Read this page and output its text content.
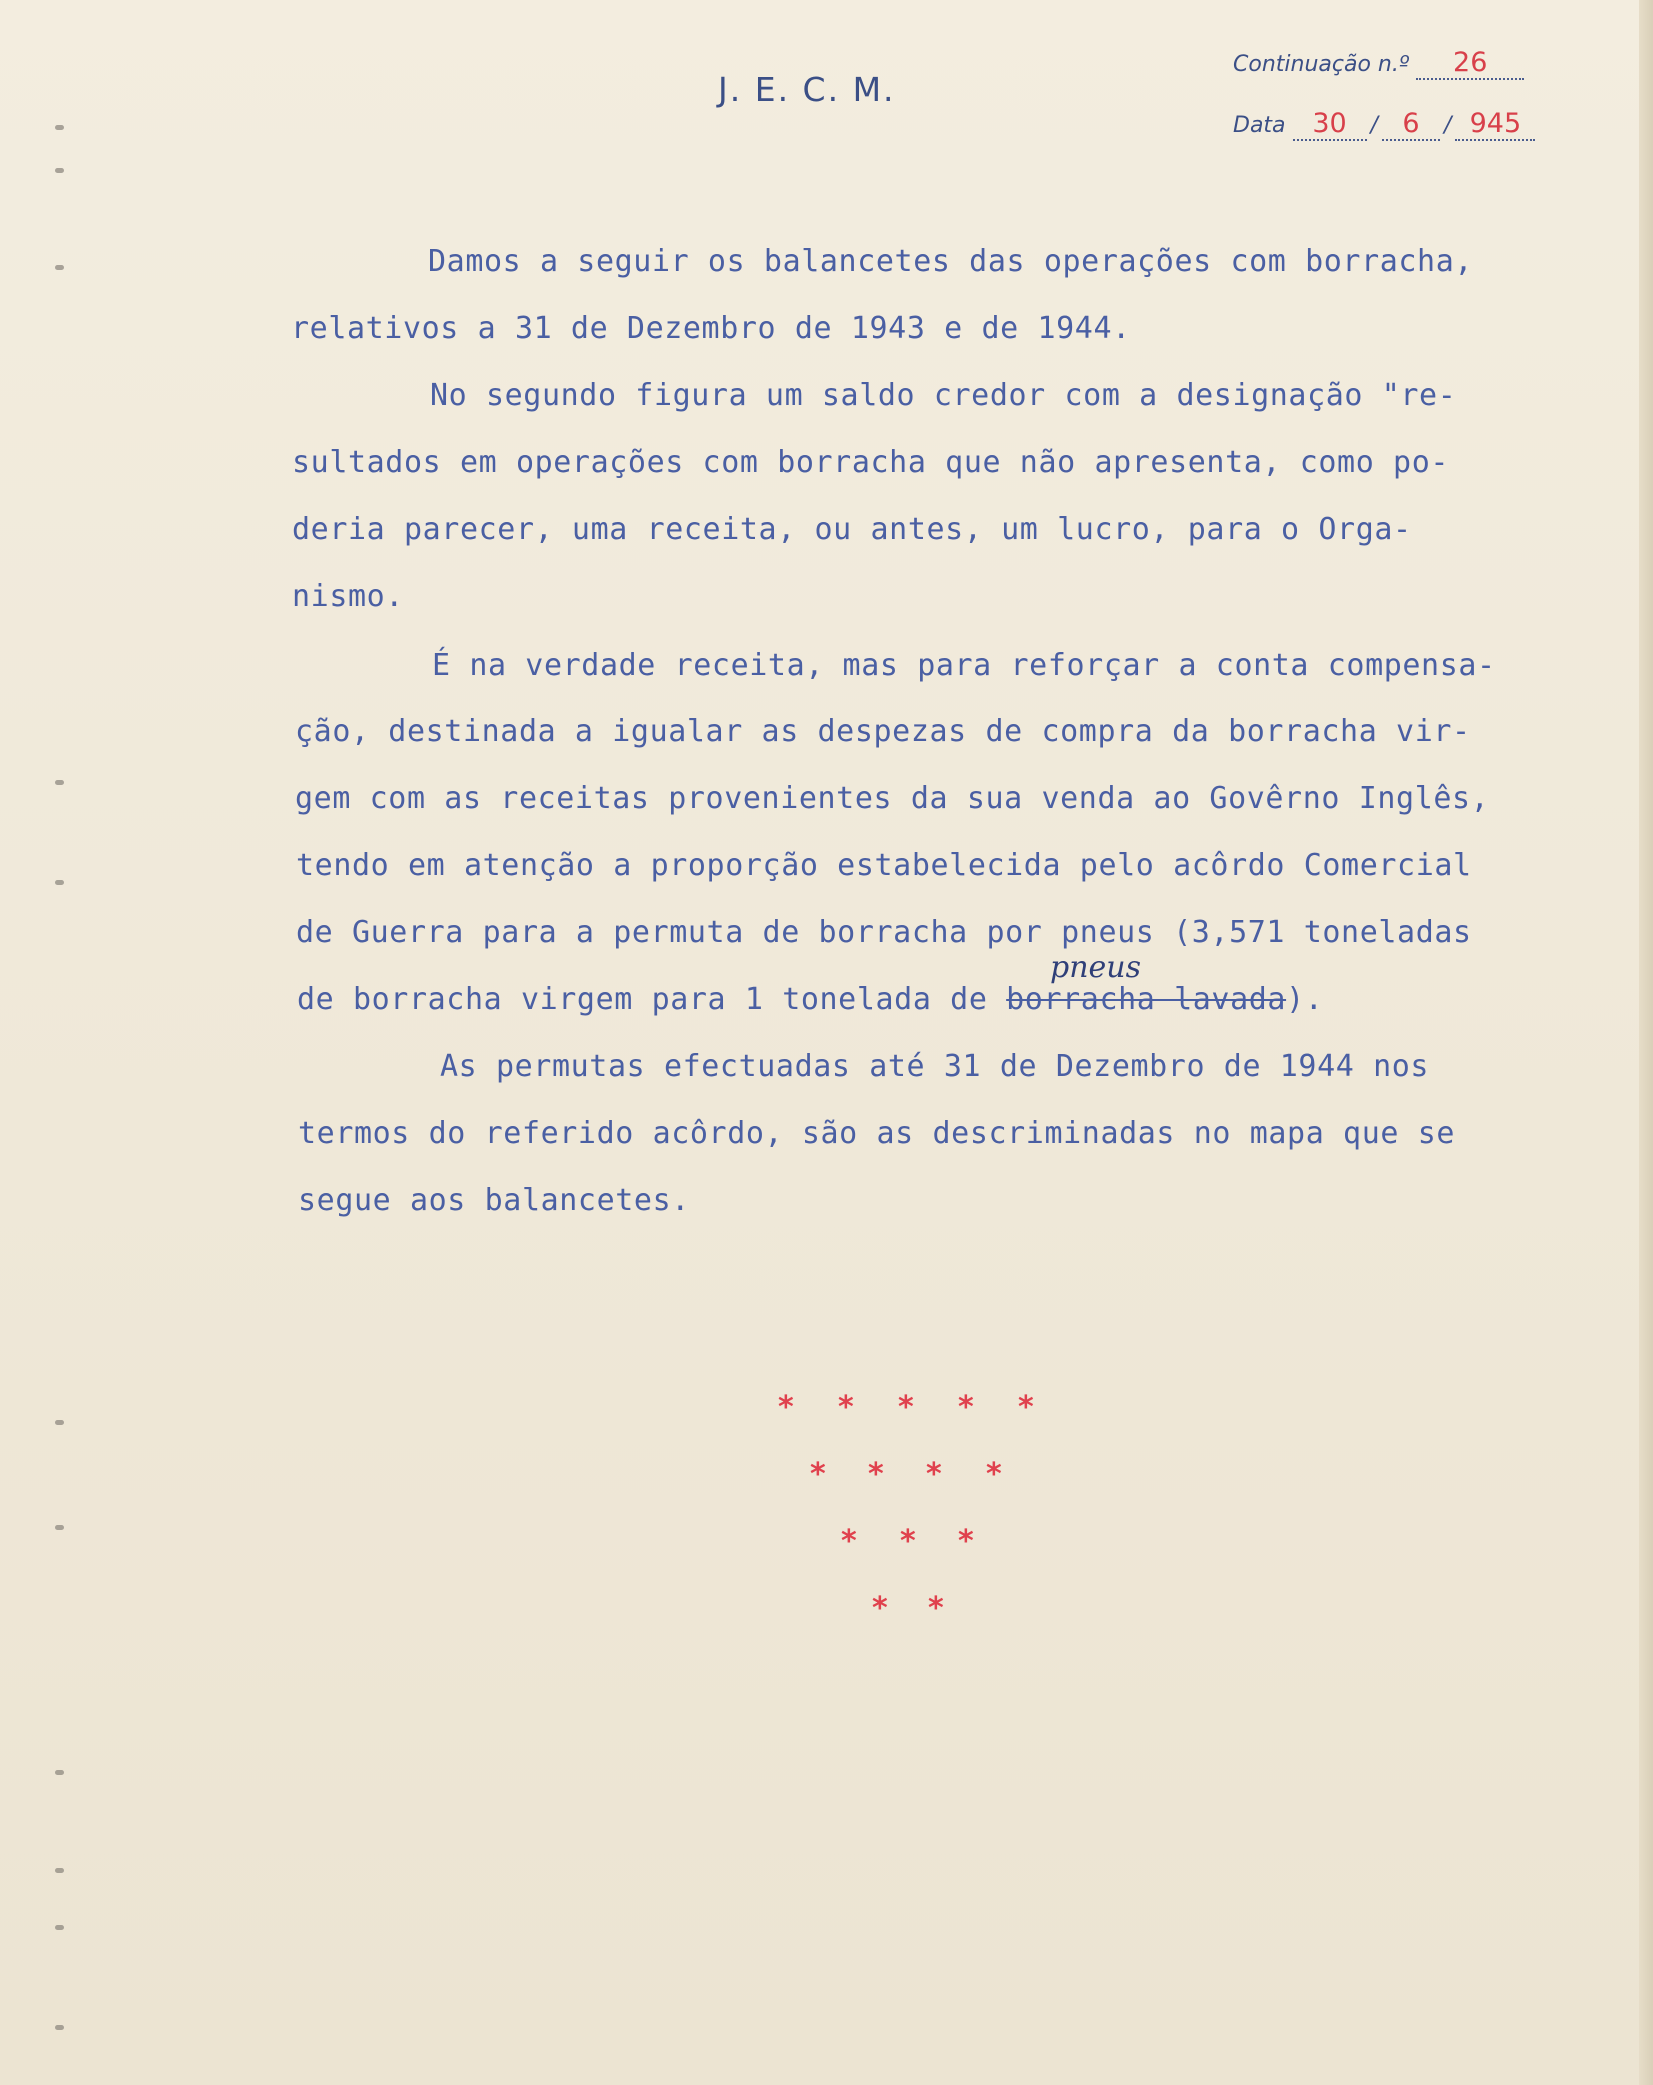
J. E. C. M.
Continuação n.º 26
Data 30 / 6 / 945
Damos a seguir os balancetes das operações com borracha,
relativos a 31 de Dezembro de 1943 e de 1944.
No segundo figura um saldo credor com a designação "re-
sultados em operações com borracha que não apresenta, como po-
deria parecer, uma receita, ou antes, um lucro, para o Orga-
nismo.
É na verdade receita, mas para reforçar a conta compensa-
ção, destinada a igualar as despezas de compra da borracha vir-
gem com as receitas provenientes da sua venda ao Govêrno Inglês,
tendo em atenção a proporção estabelecida pelo acôrdo Comercial
de Guerra para a permuta de borracha por pneus (3,571 toneladas
de borracha virgem para 1 tonelada de borracha lavada).
pneus
As permutas efectuadas até 31 de Dezembro de 1944 nos
termos do referido acôrdo, são as descriminadas no mapa que se
segue aos balancetes.
* * * * *
* * * *
* * *
* *
